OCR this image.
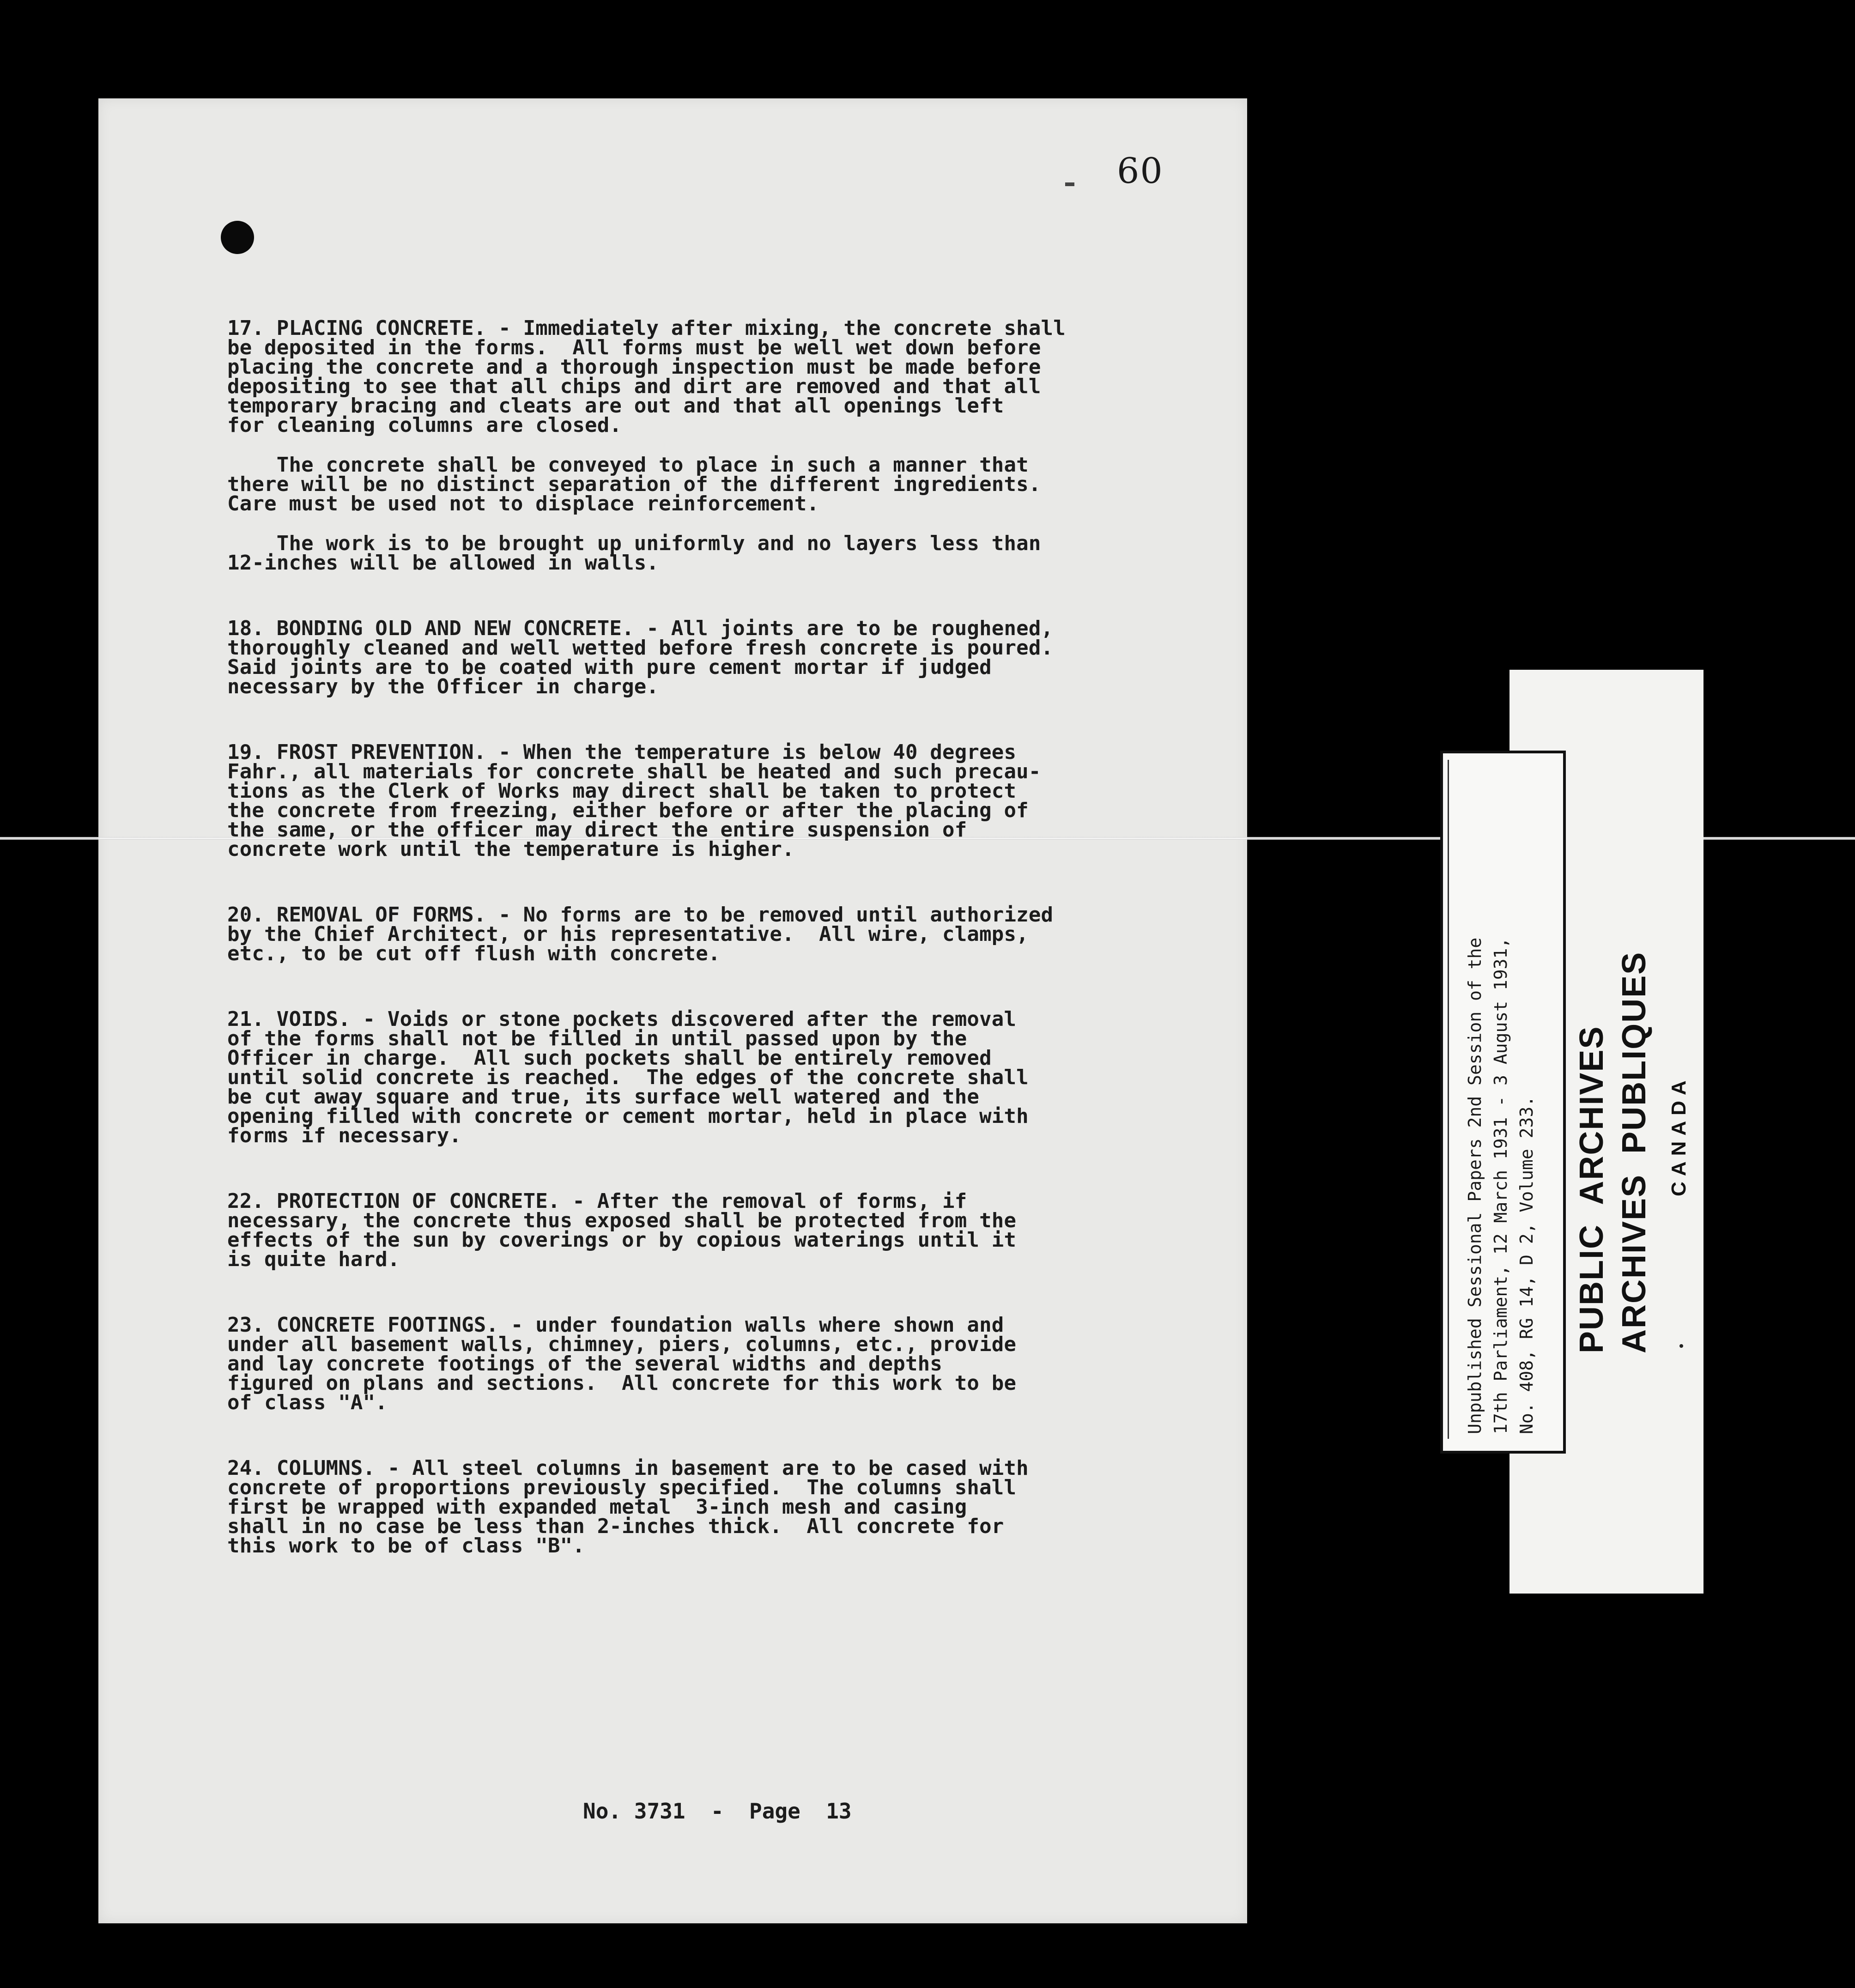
60

17. PLACING CONCRETE. - Immediately after mixing, the concrete shall
be deposited in the forms.  All forms must be well wet down before
placing the concrete and a thorough inspection must be made before
depositing to see that all chips and dirt are removed and that all
temporary bracing and cleats are out and that all openings left
for cleaning columns are closed.

The concrete shall be conveyed to place in such a manner that
there will be no distinct separation of the different ingredients.
Care must be used not to displace reinforcement.

The work is to be brought up uniformly and no layers less than
12-inches will be allowed in walls.

18. BONDING OLD AND NEW CONCRETE. - All joints are to be roughened,
thoroughly cleaned and well wetted before fresh concrete is poured.
Said joints are to be coated with pure cement mortar if judged
necessary by the Officer in charge.

19. FROST PREVENTION. - When the temperature is below 40 degrees
Fahr., all materials for concrete shall be heated and such precau-
tions as the Clerk of Works may direct shall be taken to protect
the concrete from freezing, either before or after the placing of
the same, or the officer may direct the entire suspension of
concrete work until the temperature is higher.

20. REMOVAL OF FORMS. - No forms are to be removed until authorized
by the Chief Architect, or his representative.  All wire, clamps,
etc., to be cut off flush with concrete.

21. VOIDS. - Voids or stone pockets discovered after the removal
of the forms shall not be filled in until passed upon by the
Officer in charge.  All such pockets shall be entirely removed
until solid concrete is reached.  The edges of the concrete shall
be cut away square and true, its surface well watered and the
opening filled with concrete or cement mortar, held in place with
forms if necessary.

22. PROTECTION OF CONCRETE. - After the removal of forms, if
necessary, the concrete thus exposed shall be protected from the
effects of the sun by coverings or by copious waterings until it
is quite hard.

23. CONCRETE FOOTINGS. - under foundation walls where shown and
under all basement walls, chimney, piers, columns, etc., provide
and lay concrete footings of the several widths and depths
figured on plans and sections.  All concrete for this work to be
of class "A".

24. COLUMNS. - All steel columns in basement are to be cased with
concrete of proportions previously specified.  The columns shall
first be wrapped with expanded metal  3-inch mesh and casing
shall in no case be less than 2-inches thick.  All concrete for
this work to be of class "B".

No. 3731  -  Page  13
Unpublished Sessional Papers 2nd Session of the
17th Parliament, 12 March 1931 - 3 August 1931,
No. 408, RG 14, D 2, Volume 233. PUBLIC  ARCHIVES ARCHIVES  PUBLIQUES CANADA
